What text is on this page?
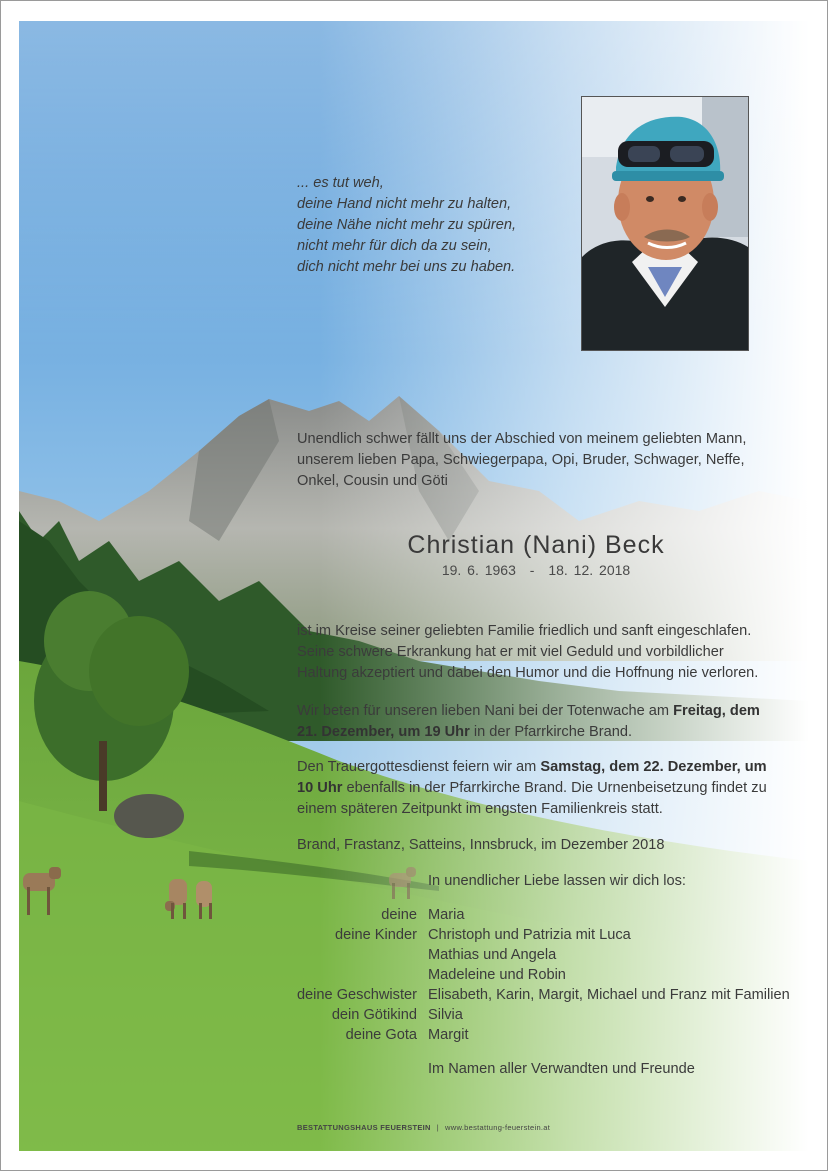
... es tut weh,
deine Hand nicht mehr zu halten,
deine Nähe nicht mehr zu spüren,
nicht mehr für dich da zu sein,
dich nicht mehr bei uns zu haben.
Unendlich schwer fällt uns der Abschied von meinem geliebten Mann, unserem lieben Papa, Schwiegerpapa, Opi, Bruder, Schwager, Neffe, Onkel, Cousin und Göti
Christian (Nani) Beck
19. 6. 1963 - 18. 12. 2018
ist im Kreise seiner geliebten Familie friedlich und sanft eingeschlafen. Seine schwere Erkrankung hat er mit viel Geduld und vorbildlicher Haltung akzeptiert und dabei den Humor und die Hoffnung nie verloren.
Wir beten für unseren lieben Nani bei der Totenwache am Freitag, dem 21. Dezember, um 19 Uhr in der Pfarrkirche Brand.
Den Trauergottesdienst feiern wir am Samstag, dem 22. Dezember, um 10 Uhr ebenfalls in der Pfarrkirche Brand. Die Urnenbeisetzung findet zu einem späteren Zeitpunkt im engsten Familienkreis statt.
Brand, Frastanz, Satteins, Innsbruck, im Dezember 2018
In unendlicher Liebe lassen wir dich los:
deine Maria
deine Kinder Christoph und Patrizia mit Luca
Mathias und Angela
Madeleine und Robin
deine Geschwister Elisabeth, Karin, Margit, Michael und Franz mit Familien
dein Götikind Silvia
deine Gota Margit
Im Namen aller Verwandten und Freunde
BESTATTUNGSHAUS FEUERSTEIN | www.bestattung-feuerstein.at
